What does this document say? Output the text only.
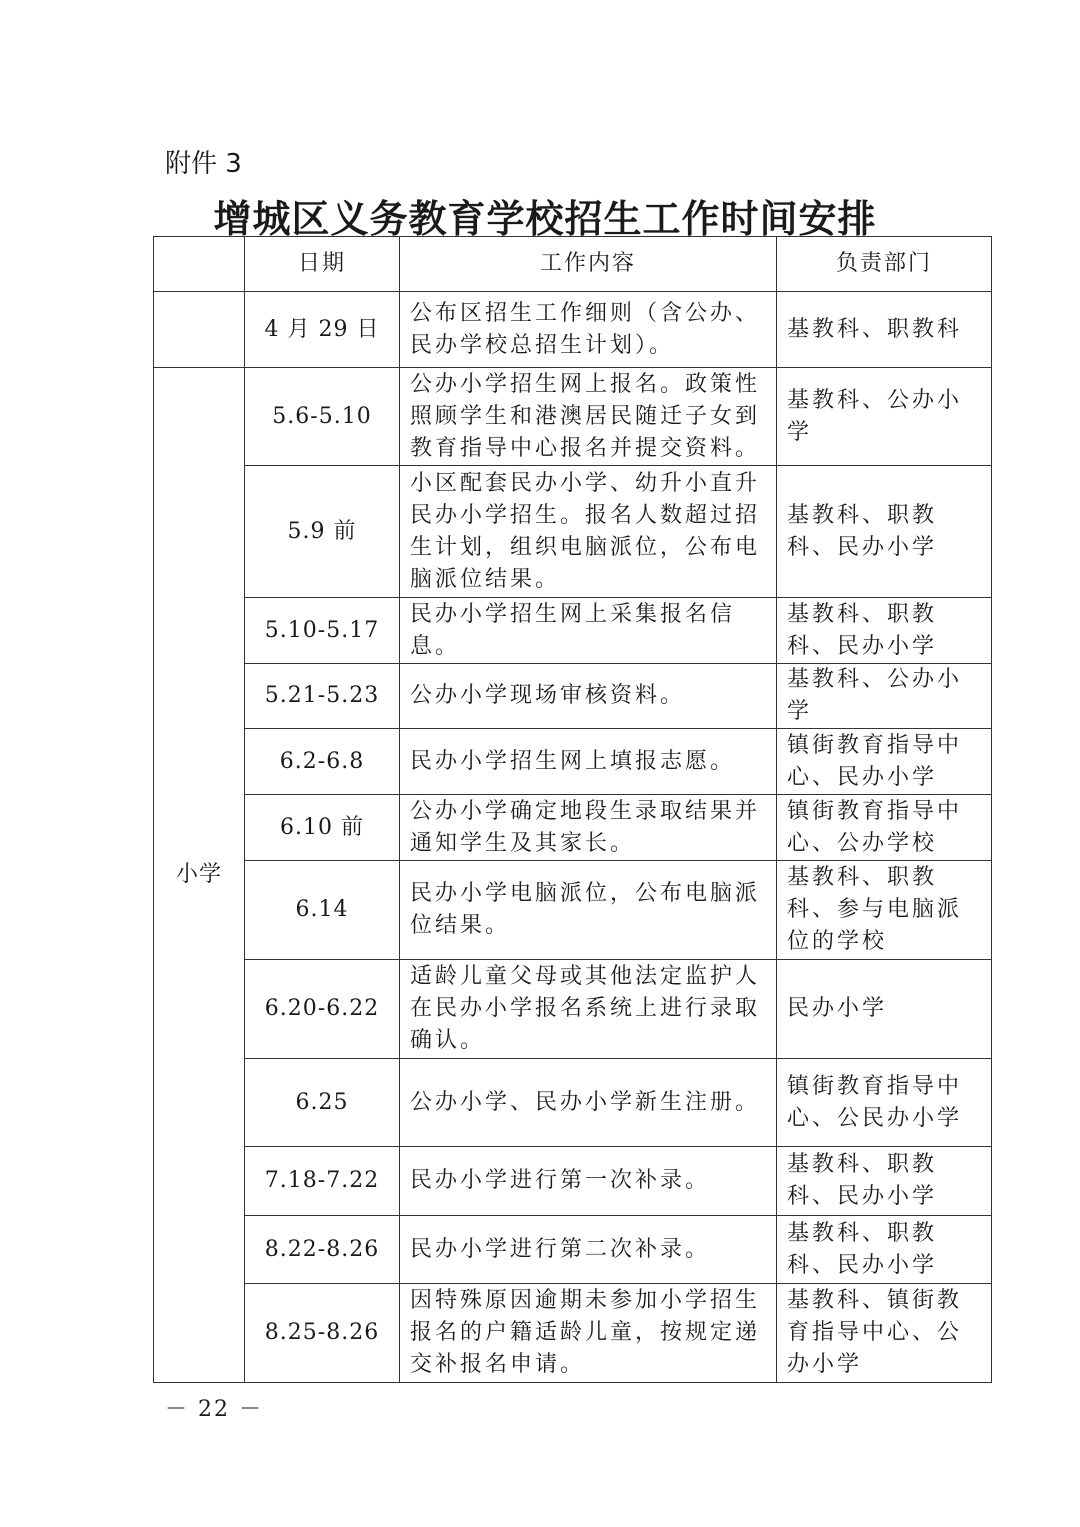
附件 3
增城区义务教育学校招生工作时间安排
	日期	工作内容	负责部门
	4 月 29 日	公布区招生工作细则（含公办、民办学校总招生计划）。	基教科、职教科
小学	5.6-5.10	公办小学招生网上报名。政策性照顾学生和港澳居民随迁子女到教育指导中心报名并提交资料。	基教科、公办小学
	5.9 前	小区配套民办小学、幼升小直升民办小学招生。报名人数超过招生计划，组织电脑派位，公布电脑派位结果。	基教科、职教科、民办小学
	5.10-5.17	民办小学招生网上采集报名信息。	基教科、职教科、民办小学
	5.21-5.23	公办小学现场审核资料。	基教科、公办小学
	6.2-6.8	民办小学招生网上填报志愿。	镇街教育指导中心、民办小学
	6.10 前	公办小学确定地段生录取结果并通知学生及其家长。	镇街教育指导中心、公办学校
	6.14	民办小学电脑派位，公布电脑派位结果。	基教科、职教科、参与电脑派位的学校
	6.20-6.22	适龄儿童父母或其他法定监护人在民办小学报名系统上进行录取确认。	民办小学
	6.25	公办小学、民办小学新生注册。	镇街教育指导中心、公民办小学
	7.18-7.22	民办小学进行第一次补录。	基教科、职教科、民办小学
	8.22-8.26	民办小学进行第二次补录。	基教科、职教科、民办小学
	8.25-8.26	因特殊原因逾期未参加小学招生报名的户籍适龄儿童，按规定递交补报名申请。	基教科、镇街教育指导中心、公办小学
－ 22 －
